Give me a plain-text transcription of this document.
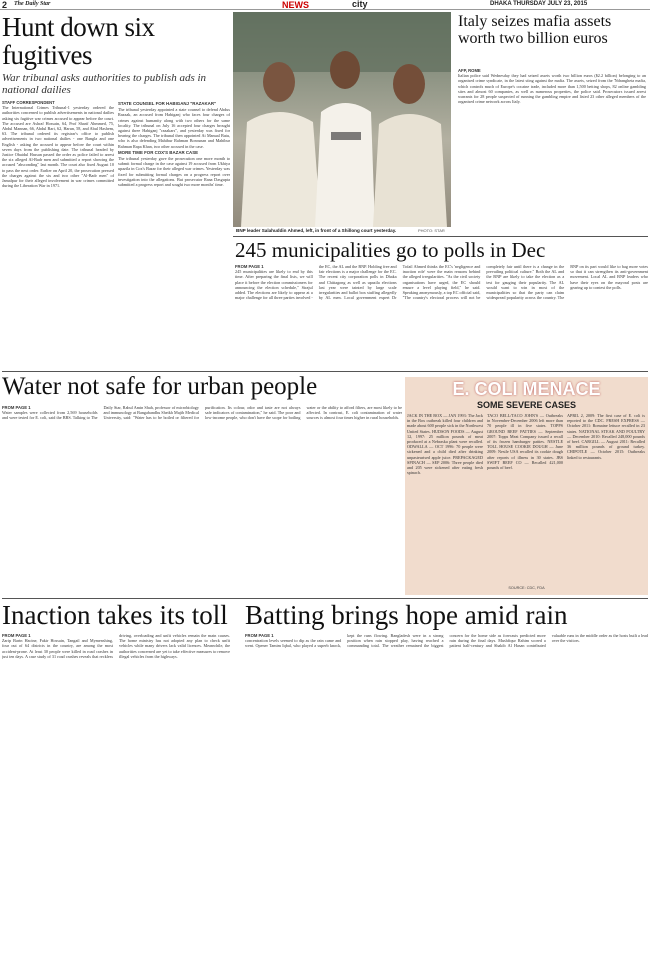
2 The Daily Star	NEWS	city	DHAKA THURSDAY JULY 23, 2015
Hunt down six fugitives
War tribunal asks authorities to publish ads in national dailies
STAFF CORRESPONDENT

The International Crimes Tribunal-1 yesterday ordered the authorities concerned to publish advertisements in national dailies asking six fugitive war crimes accused to appear before the court. The accused are Ashraf Hossain, 64, Prof Sharif Ahmmed, 75, Abdul Mannan, 66, Abdul Bari, 62, Harun, 58, and Abul Hashem, 63. The tribunal ordered its registrar's office to publish advertisements in two national dailies - one Bangla and one English - asking the accused to appear before the court within seven days from the publishing date. The tribunal headed by Justice Obaidul Hassan passed the order as police failed to arrest the six alleged Al-Badr men and submitted a report showing the accused "absconding" last month. The court also fixed August 10 to pass the next order. Earlier on April 20, the prosecution pressed the charges against the six and two other "Al-Badr men" of Jamalpur for their alleged involvement in war crimes committed during the Liberation War in 1971.

STATE COUNSEL FOR HABIGANJ "RAZAKAR"

The tribunal yesterday appointed a state counsel to defend Abdus Razzak, an accused from Habiganj who faces four charges of crimes against humanity along with two others for the same locality. The tribunal on July 16 accepted four charges brought against three Habiganj "razakars", and yesterday was fixed for hearing the charges. The tribunal then appointed Ai Manual Batu, who is also defending Mahibur Rahman Borounan and Mahibur Rahman Rapa Khan, two other accused in the case.

MORE TIME FOR COX'S BAZAR CASE

The tribunal yesterday gave the prosecution one more month to submit formal charge in the case against 19 accused from Ukhiya upazila in Cox's Bazar for their alleged war crimes. Yesterday was fixed for submitting formal charges on a progress report over investigation into the allegations. But prosecutor Rana Dasgupta submitted a progress report and sought two more months' time.

BNP leader Salahuddin Ahmed, left, in front of a Shillong court yesterday.	PHOTO: STAR
Italy seizes mafia assets worth two billion euros
AFP, ROME

Italian police said Wednesday they had seized assets worth two billion euros ($2.2 billion) belonging to an organised crime syndicate, in the latest sting against the mafia. The assets, seized from the 'Ndrangheta mafia, which controls much of Europe's cocaine trade, included more than 1,500 betting shops, 82 online gambling sites and almost 60 companies, as well as numerous properties, the police said. Prosecutors issued arrest warrants for 28 people suspected of running the gambling empire and listed 23 other alleged members of the organised crime network across Italy.

245 municipalities go to polls in Dec
FROM PAGE 1

245 municipalities are likely to end by this time. After preparing the final lists, we will place it before the election commissioners for announcing the election schedule," Sirajul added. The elections are likely to appear at a major challenge for all three parties involved - the EC, the AL and the BNP. Holding free and fair elections is a major challenge for the EC. The recent city corporation polls in Dhaka and Chittagong as well as upazila elections last year were tainted by large scale irregularities and ballot box stuffing allegedly by AL men. Local government expert Dr Tofail Ahmed thinks the EC's 'negligence and inaction role' were the main reasons behind the alleged irregularities. "As the civil society organisations have urged, the EC should ensure a level playing field," he said. Speaking anonymously, a top EC official said, "The country's electoral process will not be completely fair until there is a change in the prevailing political culture." Both the AL and the BNP are likely to take the election as a test for gauging their popularity. The AL would want to win in most of the municipalities so that the party can claim widespread popularity across the country. The BNP on its part would like to bag more votes so that it can strengthen its anti-government movement. Local AL and BNP leaders who have their eyes on the mayoral posts are gearing up to contest the polls.

Water not safe for urban people
FROM PAGE 1

Water samples were collected from 2,569 households and were tested for E. coli, said the BBS. Talking to The Daily Star, Rabul Amin Shah, professor of microbiology and immunology at Bangabandhu Sheikh Mujib Medical University, said: "Water has to be boiled or filtered for purification. Its colour, odor and taste are not always safe indicators of contamination," he said. The poor and low-income people, who don't have the scope for boiling water or the ability to afford filters, are most likely to be affected. In contrast, E. coli contamination of water sources is almost four times higher in rural households.

E. COLI MENACE
SOME SEVERE CASES
JACK IN THE BOX — JAN 1993: The Jack in the Box outbreak killed four children and made about 600 people sick in the Northwest United States. HUDSON FOODS — August 12, 1997: 25 million pounds of meat produced at a Nebraska plant were recalled. ODWALLA — OCT 1996: 70 people were sickened and a child died after drinking unpasteurised apple juice. PREPACKAGED SPINACH — SEP 2006: Three people died and 205 were sickened after eating fresh spinach.
TACO BELL/TACO JOHN'S — Outbreaks in November-December 2006 left more than 70 people ill in five states. TOPPS GROUND BEEF PATTIES — September 2007: Topps Meat Company issued a recall of its frozen hamburger patties. NESTLE TOLL HOUSE COOKIE DOUGH — June 2009: Nestle USA recalled its cookie dough after reports of illness in 30 states. JBS SWIFT BEEF CO — Recalled 421,000 pounds of beef.
APRIL 2, 2009: The first case of E. coli is reported to the CDC. FRESH EXPRESS — October 2011: Romaine lettuce recalled in 23 states. NATIONAL STEAK AND POULTRY — December 2010: Recalled 248,000 pounds of beef. CARGILL — August 2011: Recalled 36 million pounds of ground turkey. CHIPOTLE — October 2015: Outbreaks linked to restaurants.
SOURCE: CDC, FDA
Inaction takes its toll
FROM PAGE 1

Zarip Barin Hacine, Fakir Hossain, Tangail and Mymenshing, four out of 64 districts in the country, are among the most accident-prone. At least 30 people were killed in road crashes in just ten days. A case study of 31 road crashes reveals that reckless driving, overloading and unfit vehicles remain the main causes. The home ministry has not adopted any plan to check unfit vehicles while many drivers lack valid licences. Meanwhile, the authorities concerned are yet to take effective measures to remove illegal vehicles from the highways.

Batting brings hope amid rain
FROM PAGE 1

concentration levels seemed to dip as the rain came and went. Opener Tamim Iqbal, who played a superb knock, kept the runs flowing. Bangladesh were in a strong position when rain stopped play, having reached a commanding total. The weather remained the biggest concern for the home side as forecasts predicted more rain during the final days. Mushfiqur Rahim scored a patient half-century and Shakib Al Hasan contributed valuable runs in the middle order as the hosts built a lead over the visitors.
